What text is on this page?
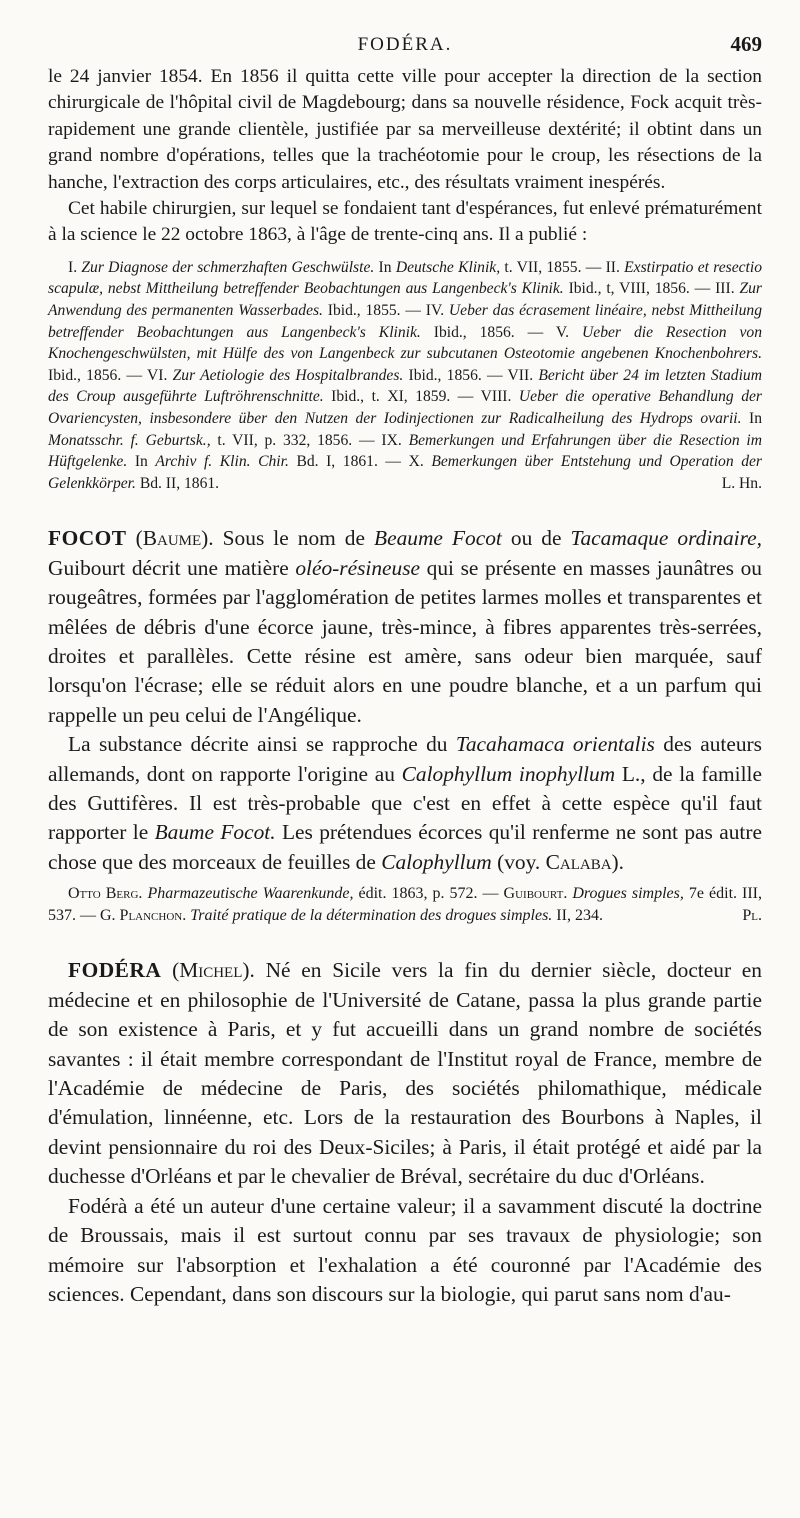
FODÉRA.	469

le 24 janvier 1854. En 1856 il quitta cette ville pour accepter la direction de la section chirurgicale de l'hôpital civil de Magdebourg; dans sa nouvelle résidence, Fock acquit très-rapidement une grande clientèle, justifiée par sa merveilleuse dextérité; il obtint dans un grand nombre d'opérations, telles que la trachéotomie pour le croup, les résections de la hanche, l'extraction des corps articulaires, etc., des résultats vraiment inespérés.

Cet habile chirurgien, sur lequel se fondaient tant d'espérances, fut enlevé prématurément à la science le 22 octobre 1863, à l'âge de trente-cinq ans. Il a publié :

I. Zur Diagnose der schmerzhaften Geschwülste. In Deutsche Klinik, t. VII, 1855. — II. Exstirpatio et resectio scapulæ, nebst Mittheilung betreffender Beobachtungen aus Langenbeck's Klinik. Ibid., t, VIII, 1856. — III. Zur Anwendung des permanenten Wasserbades. Ibid., 1855. — IV. Ueber das écrasement linéaire, nebst Mittheilung betreffender Beobachtungen aus Langenbeck's Klinik. Ibid., 1856. — V. Ueber die Resection von Knochengeschwülsten, mit Hülfe des von Langenbeck zur subcutanen Osteotomie angebenen Knochenbohrers. Ibid., 1856. — VI. Zur Aetiologie des Hospitalbrandes. Ibid., 1856. — VII. Bericht über 24 im letzten Stadium des Croup ausgeführte Luftröhrenschnitte. Ibid., t. XI, 1859. — VIII. Ueber die operative Behandlung der Ovariencysten, insbesondere über den Nutzen der Iodinjectionen zur Radicalheilung des Hydrops ovarii. In Monatsschr. f. Geburtsk., t. VII, p. 332, 1856. — IX. Bemerkungen und Erfahrungen über die Resection im Hüftgelenke. In Archiv f. Klin. Chir. Bd. I, 1861. — X. Bemerkungen über Entstehung und Operation der Gelenkkörper. Bd. II, 1861.	L. Hn.

FOCOT (Baume). Sous le nom de Beaume Focot ou de Tacamaque ordinaire, Guibourt décrit une matière oléo-résineuse qui se présente en masses jaunâtres ou rougeâtres, formées par l'agglomération de petites larmes molles et transparentes et mêlées de débris d'une écorce jaune, très-mince, à fibres apparentes très-serrées, droites et parallèles. Cette résine est amère, sans odeur bien marquée, sauf lorsqu'on l'écrase; elle se réduit alors en une poudre blanche, et a un parfum qui rappelle un peu celui de l'Angélique.

La substance décrite ainsi se rapproche du Tacahamaca orientalis des auteurs allemands, dont on rapporte l'origine au Calophyllum inophyllum L., de la famille des Guttifères. Il est très-probable que c'est en effet à cette espèce qu'il faut rapporter le Baume Focot. Les prétendues écorces qu'il renferme ne sont pas autre chose que des morceaux de feuilles de Calophyllum (voy. Calaba).

Otto Berg. Pharmazeutische Waarenkunde, édit. 1863, p. 572. — Guibourt. Drogues simples, 7e édit. III, 537. — G. Planchon. Traité pratique de la détermination des drogues simples. II, 234.	Pl.

FODÉRA (Michel). Né en Sicile vers la fin du dernier siècle, docteur en médecine et en philosophie de l'Université de Catane, passa la plus grande partie de son existence à Paris, et y fut accueilli dans un grand nombre de sociétés savantes : il était membre correspondant de l'Institut royal de France, membre de l'Académie de médecine de Paris, des sociétés philomathique, médicale d'émulation, linnéenne, etc. Lors de la restauration des Bourbons à Naples, il devint pensionnaire du roi des Deux-Siciles; à Paris, il était protégé et aidé par la duchesse d'Orléans et par le chevalier de Bréval, secrétaire du duc d'Orléans.

Fodérà a été un auteur d'une certaine valeur; il a savamment discuté la doctrine de Broussais, mais il est surtout connu par ses travaux de physiologie; son mémoire sur l'absorption et l'exhalation a été couronné par l'Académie des sciences. Cependant, dans son discours sur la biologie, qui parut sans nom d'au-
